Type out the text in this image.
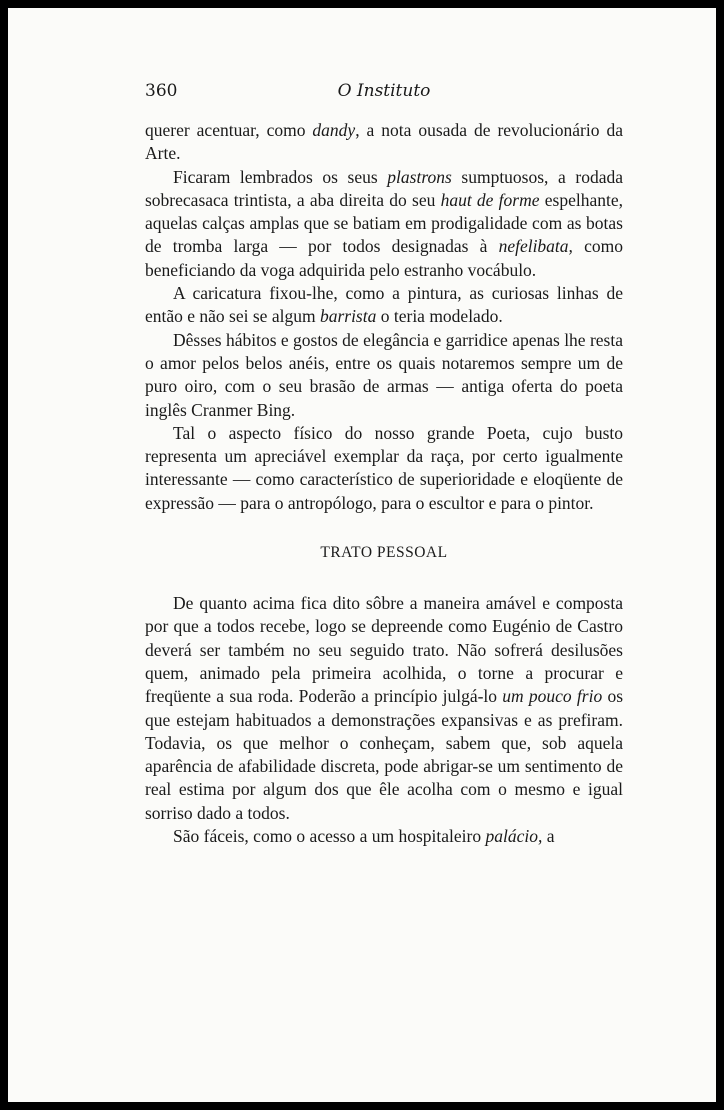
360	O Instituto

querer acentuar, como dandy, a nota ousada de revolucionário da Arte.

Ficaram lembrados os seus plastrons sumptuosos, a rodada sobrecasaca trintista, a aba direita do seu haut de forme espelhante, aquelas calças amplas que se batiam em prodigalidade com as botas de tromba larga — por todos designadas à nefelibata, como beneficiando da voga adquirida pelo estranho vocábulo.

A caricatura fixou-lhe, como a pintura, as curiosas linhas de então e não sei se algum barrista o teria modelado.

Dêsses hábitos e gostos de elegância e garridice apenas lhe resta o amor pelos belos anéis, entre os quais notaremos sempre um de puro oiro, com o seu brasão de armas — antiga oferta do poeta inglês Cranmer Bing.

Tal o aspecto físico do nosso grande Poeta, cujo busto representa um apreciável exemplar da raça, por certo igualmente interessante — como característico de superioridade e eloqüente de expressão — para o antropólogo, para o escultor e para o pintor.

TRATO PESSOAL

De quanto acima fica dito sôbre a maneira amável e composta por que a todos recebe, logo se depreende como Eugénio de Castro deverá ser também no seu seguido trato. Não sofrerá desilusões quem, animado pela primeira acolhida, o torne a procurar e freqüente a sua roda. Poderão a princípio julgá-lo um pouco frio os que estejam habituados a demonstrações expansivas e as prefiram. Todavia, os que melhor o conheçam, sabem que, sob aquela aparência de afabilidade discreta, pode abrigar-se um sentimento de real estima por algum dos que êle acolha com o mesmo e igual sorriso dado a todos.

São fáceis, como o acesso a um hospitaleiro palácio, a
